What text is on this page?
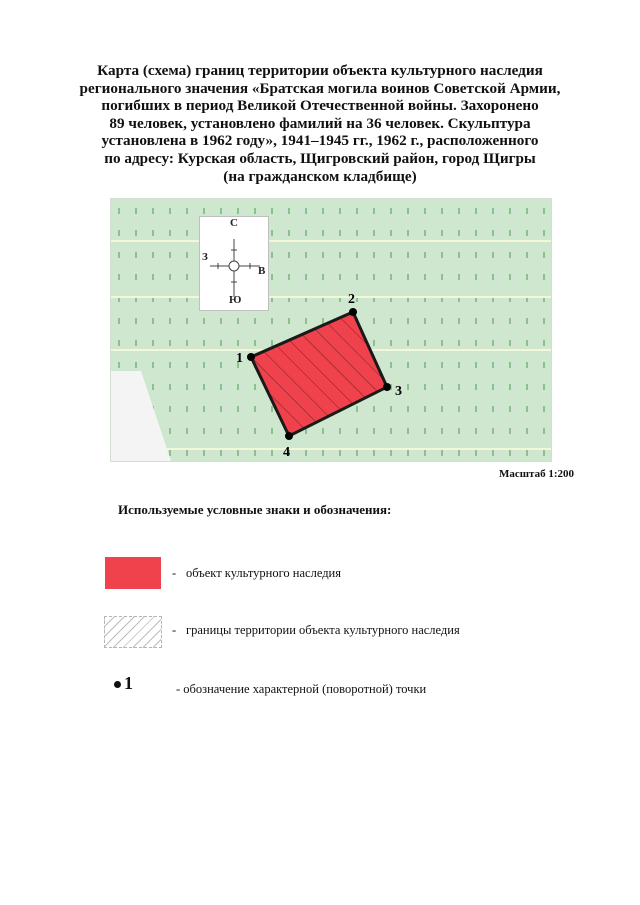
Карта (схема) границ территории объекта культурного наследия
регионального значения «Братская могила воинов Советской Армии,
погибших в период Великой Отечественной войны. Захоронено
89 человек, установлено фамилий на 36 человек. Скульптура
установлена в 1962 году», 1941–1945 гг., 1962 г., расположенного
по адресу: Курская область, Щигровский район, город Щигры
(на гражданском кладбище)
1
2
3
4
С
Ю
З
В
Масштаб 1:200
Используемые условные знаки и обозначения:
- объект культурного наследия
- границы территории объекта культурного наследия
1	- обозначение характерной (поворотной) точки
